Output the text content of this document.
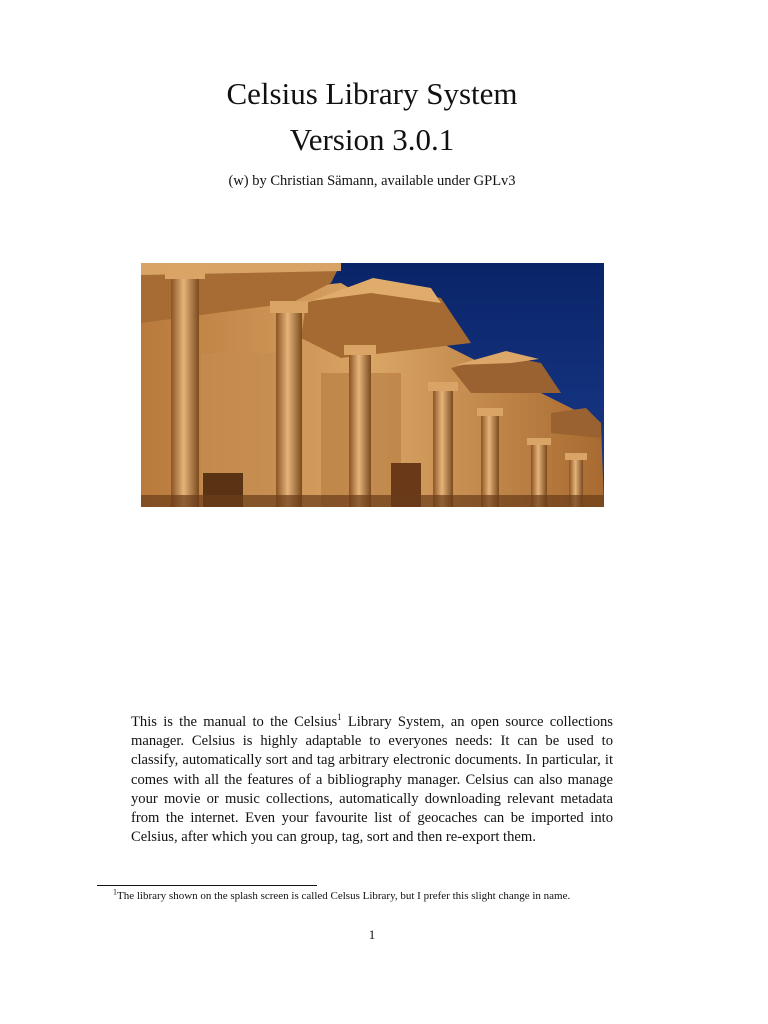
Celsius Library System
Version 3.0.1
(w) by Christian Sämann, available under GPLv3

This is the manual to the Celsius$^1$ Library System, an open source collections manager. Celsius is highly adaptable to everyones needs: It can be used to classify, automatically sort and tag arbitrary electronic documents. In particular, it comes with all the features of a bibliography manager. Celsius can also manage your movie or music collections, automatically downloading relevant metadata from the internet. Even your favourite list of geocaches can be imported into Celsius, after which you can group, tag, sort and then re-export them.

$^1$The library shown on the splash screen is called Celsus Library, but I prefer this slight change in name.
1
